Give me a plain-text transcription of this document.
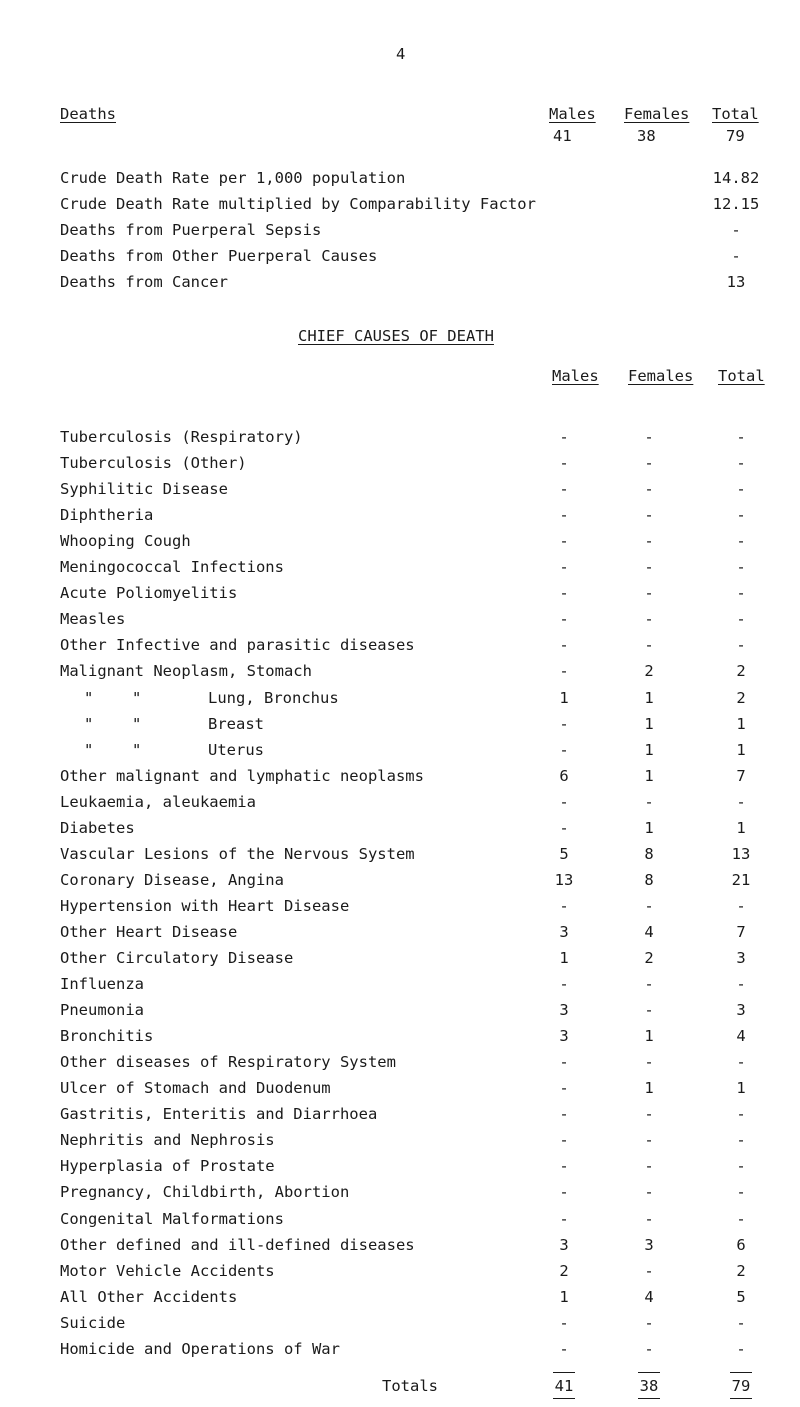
4
Deaths	Males Females Total
41	38	79
Crude Death Rate per 1,000 population	14.82
Crude Death Rate multiplied by Comparability Factor	12.15
Deaths from Puerperal Sepsis	-
Deaths from Other Puerperal Causes	-
Deaths from Cancer	13
CHIEF CAUSES OF DEATH
Males Females Total
Tuberculosis (Respiratory)	-	-	-
Tuberculosis (Other)	-	-	-
Syphilitic Disease	-	-	-
Diphtheria	-	-	-
Whooping Cough	-	-	-
Meningococcal Infections	-	-	-
Acute Poliomyelitis	-	-	-
Measles	-	-	-
Other Infective and parasitic diseases	-	-	-
Malignant Neoplasm, Stomach	-	2	2
" "	Lung, Bronchus	1	1	2
" "	Breast	-	1	1
" "	Uterus	-	1	1
Other malignant and lymphatic neoplasms	6	1	7
Leukaemia, aleukaemia	-	-	-
Diabetes	-	1	1
Vascular Lesions of the Nervous System	5	8	13
Coronary Disease, Angina	13	8	21
Hypertension with Heart Disease	-	-	-
Other Heart Disease	3	4	7
Other Circulatory Disease	1	2	3
Influenza	-	-	-
Pneumonia	3	-	3
Bronchitis	3	1	4
Other diseases of Respiratory System	-	-	-
Ulcer of Stomach and Duodenum	-	1	1
Gastritis, Enteritis and Diarrhoea	-	-	-
Nephritis and Nephrosis	-	-	-
Hyperplasia of Prostate	-	-	-
Pregnancy, Childbirth, Abortion	-	-	-
Congenital Malformations	-	-	-
Other defined and ill-defined diseases	3	3	6
Motor Vehicle Accidents	2	-	2
All Other Accidents	1	4	5
Suicide	-	-	-
Homicide and Operations of War	-	-	-
Totals	41	38	79
